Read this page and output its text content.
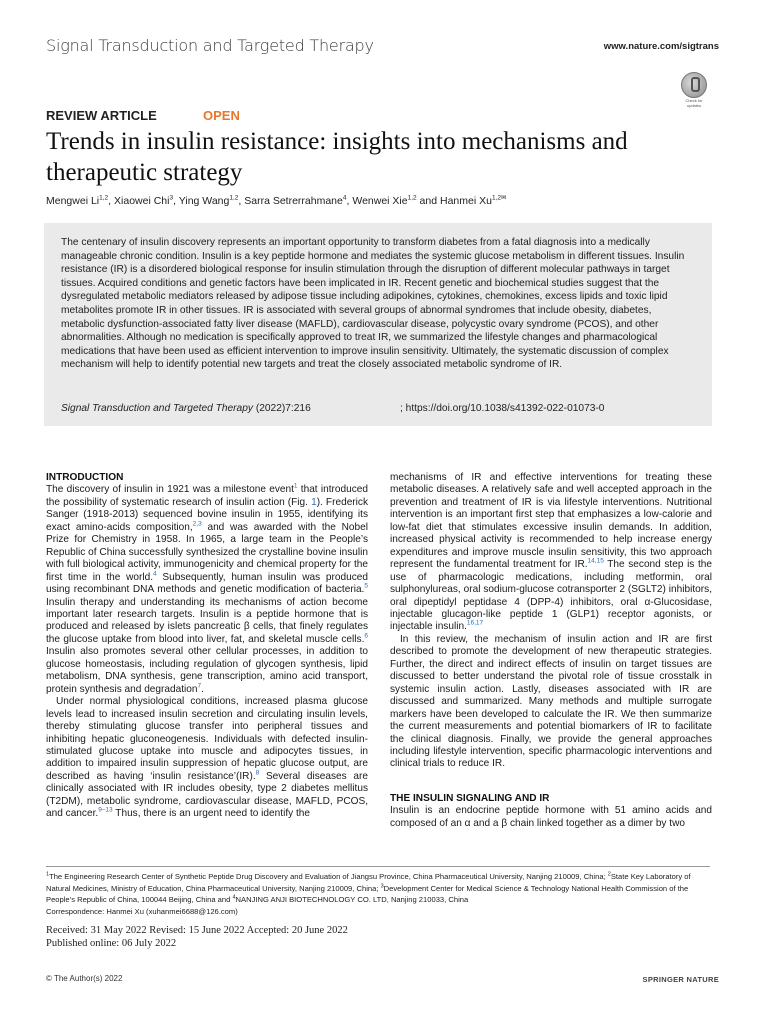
Signal Transduction and Targeted Therapy	www.nature.com/sigtrans
Check for
updates
REVIEW ARTICLE	OPEN
Trends in insulin resistance: insights into mechanisms and therapeutic strategy
Mengwei Li$^{1,2}$, Xiaowei Chi$^3$, Ying Wang$^{1,2}$, Sarra Setrerrahmane$^4$, Wenwei Xie$^{1,2}$ and Hanmei $Xu^{1,2✉}$
The centenary of insulin discovery represents an important opportunity to transform diabetes from a fatal diagnosis into a medically manageable chronic condition. Insulin is a key peptide hormone and mediates the systemic glucose metabolism in different tissues. Insulin resistance (IR) is a disordered biological response for insulin stimulation through the disruption of different molecular pathways in target tissues. Acquired conditions and genetic factors have been implicated in IR. Recent genetic and biochemical studies suggest that the dysregulated metabolic mediators released by adipose tissue including adipokines, cytokines, chemokines, excess lipids and toxic lipid metabolites promote IR in other tissues. IR is associated with several groups of abnormal syndromes that include obesity, diabetes, metabolic dysfunction-associated fatty liver disease (MAFLD), cardiovascular disease, polycystic ovary syndrome (PCOS), and other abnormalities. Although no medication is specifically approved to treat IR, we summarized the lifestyle changes and pharmacological medications that have been used as efficient intervention to improve insulin sensitivity. Ultimately, the systematic discussion of complex mechanism will help to identify potential new targets and treat the closely associated metabolic syndrome of IR.
Signal Transduction and Targeted Therapy (2022)7:216	; https://doi.org/10.1038/s41392-022-01073-0
INTRODUCTION

The discovery of insulin in 1921 was a milestone event$^1$ that introduced the possibility of systematic research of insulin action (Fig. 1). Frederick Sanger (1918-2013) sequenced bovine insulin in 1955, identifying its exact amino-acids composition,$^{2,3}$ and was awarded with the Nobel Prize for Chemistry in 1958. In 1965, a large team in the People’s Republic of China successfully synthesized the crystalline bovine insulin with full biological activity, immunogenicity and chemical property for the first time in the world.$^4$ Subsequently, human insulin was produced using recombinant DNA methods and genetic modification of bacteria.$^5$ Insulin therapy and understanding its mechanisms of action become important later research targets. Insulin is a peptide hormone that is produced and released by islets pancreatic β cells, that finely regulates the glucose uptake from blood into liver, fat, and skeletal muscle cells.$^6$ Insulin also promotes several other cellular processes, in addition to glucose homeostasis, including regulation of glycogen synthesis, lipid metabolism, DNA synthesis, gene transcription, amino acid transport, protein synthesis and degradation$^7$.

Under normal physiological conditions, increased plasma glucose levels lead to increased insulin secretion and circulating insulin levels, thereby stimulating glucose transfer into peripheral tissues and inhibiting hepatic gluconeogenesis. Individuals with defected insulin-stimulated glucose uptake into muscle and adipocytes tissues, in addition to impaired insulin suppression of hepatic glucose output, are described as having ‘insulin resistance’(IR).$^8$ Several diseases are clinically associated with IR includes obesity, type 2 diabetes mellitus (T2DM), metabolic syndrome, cardiovascular disease, MAFLD, PCOS, and cancer.$^{9-13}$ Thus, there is an urgent need to identify the

mechanisms of IR and effective interventions for treating these metabolic diseases. A relatively safe and well accepted approach in the prevention and treatment of IR is via lifestyle interventions. Nutritional intervention is an important first step that emphasizes a low-calorie and low-fat diet that stimulates excessive insulin demands. In addition, increased physical activity is recommended to help increase energy expenditures and improve muscle insulin sensitivity, this two approach represent the fundamental treatment for IR.$^{14,15}$ The second step is the use of pharmacologic medications, including metformin, oral sulphonylureas, oral sodium-glucose cotransporter 2 (SGLT2) inhibitors, oral dipeptidyl peptidase 4 (DPP-4) inhibitors, oral α-Glucosidase, injectable glucagon-like peptide 1 (GLP1) receptor agonists, or injectable insulin.$^{16,17}$

In this review, the mechanism of insulin action and IR are first described to promote the development of new therapeutic strategies. Further, the direct and indirect effects of insulin on target tissues are discussed to better understand the pivotal role of tissue crosstalk in systemic insulin action. Lastly, diseases associated with IR are discussed and summarized. Many methods and multiple surrogate markers have been developed to calculate the IR. We then summarize the current measurements and potential biomarkers of IR to facilitate the clinical diagnosis. Finally, we provide the general approaches including lifestyle intervention, specific pharmacologic interventions and clinical trials to reduce IR.

THE INSULIN SIGNALING AND IR

Insulin is an endocrine peptide hormone with 51 amino acids and composed of an α and a β chain linked together as a dimer by two

$^1$The Engineering Research Center of Synthetic Peptide Drug Discovery and Evaluation of Jiangsu Province, China Pharmaceutical University, Nanjing 210009, China; $^2$State Key Laboratory of Natural Medicines, Ministry of Education, China Pharmaceutical University, Nanjing 210009, China; $^3$Development Center for Medical Science & Technology National Health Commission of the People’s Republic of China, 100044 Beijing, China and $^4$NANJING ANJI BIOTECHNOLOGY CO. LTD, Nanjing 210033, China
Correspondence: Hanmei Xu (xuhanmei6688@126.com)
Received: 31 May 2022 Revised: 15 June 2022 Accepted: 20 June 2022
Published online: 06 July 2022
© The Author(s) 2022	SPRINGER NATURE
